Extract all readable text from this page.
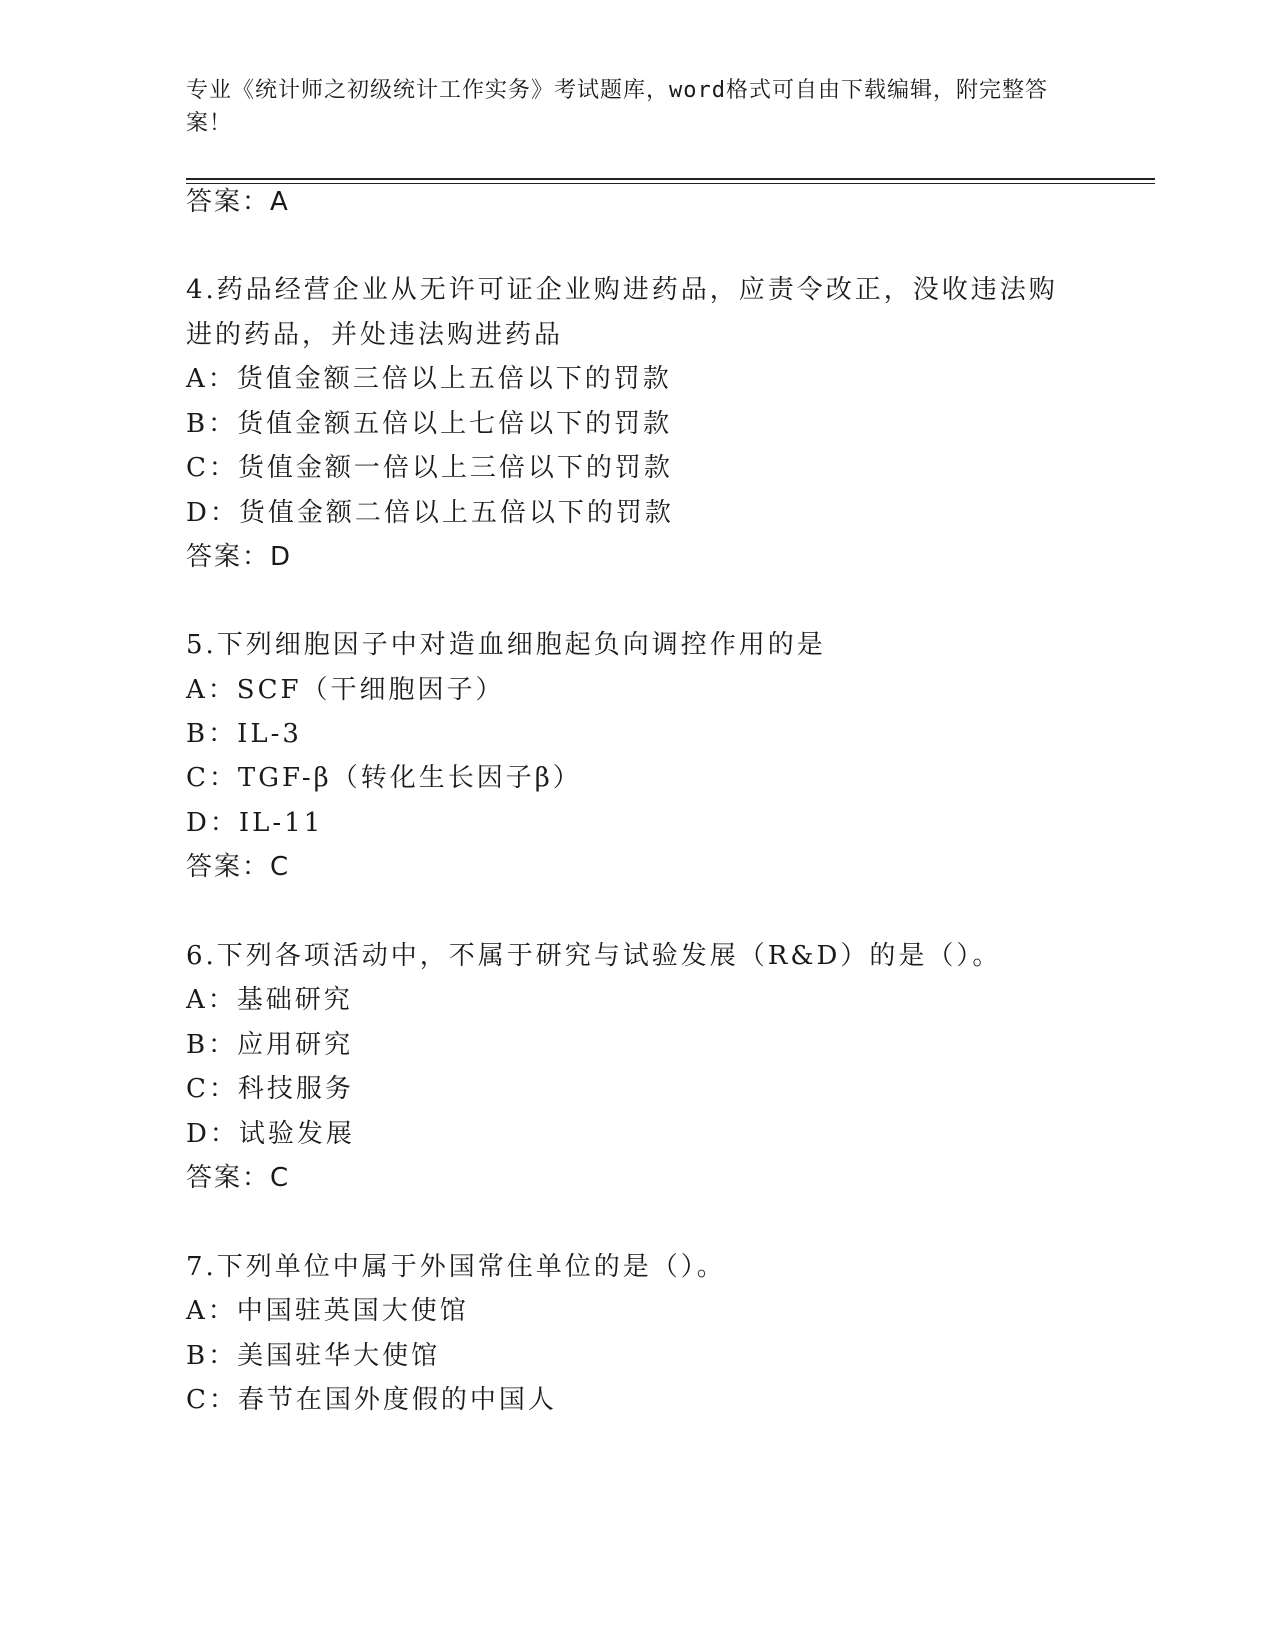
专业《统计师之初级统计工作实务》考试题库，word格式可自由下载编辑，附完整答案！
答案：A
4.药品经营企业从无许可证企业购进药品，应责令改正，没收违法购
进的药品，并处违法购进药品
A：货值金额三倍以上五倍以下的罚款
B：货值金额五倍以上七倍以下的罚款
C：货值金额一倍以上三倍以下的罚款
D：货值金额二倍以上五倍以下的罚款
答案：D
5.下列细胞因子中对造血细胞起负向调控作用的是
A：SCF（干细胞因子）
B：IL-3
C：TGF-β（转化生长因子β）
D：IL-11
答案：C
6.下列各项活动中，不属于研究与试验发展（R&D）的是（）。
A：基础研究
B：应用研究
C：科技服务
D：试验发展
答案：C
7.下列单位中属于外国常住单位的是（）。
A：中国驻英国大使馆
B：美国驻华大使馆
C：春节在国外度假的中国人
